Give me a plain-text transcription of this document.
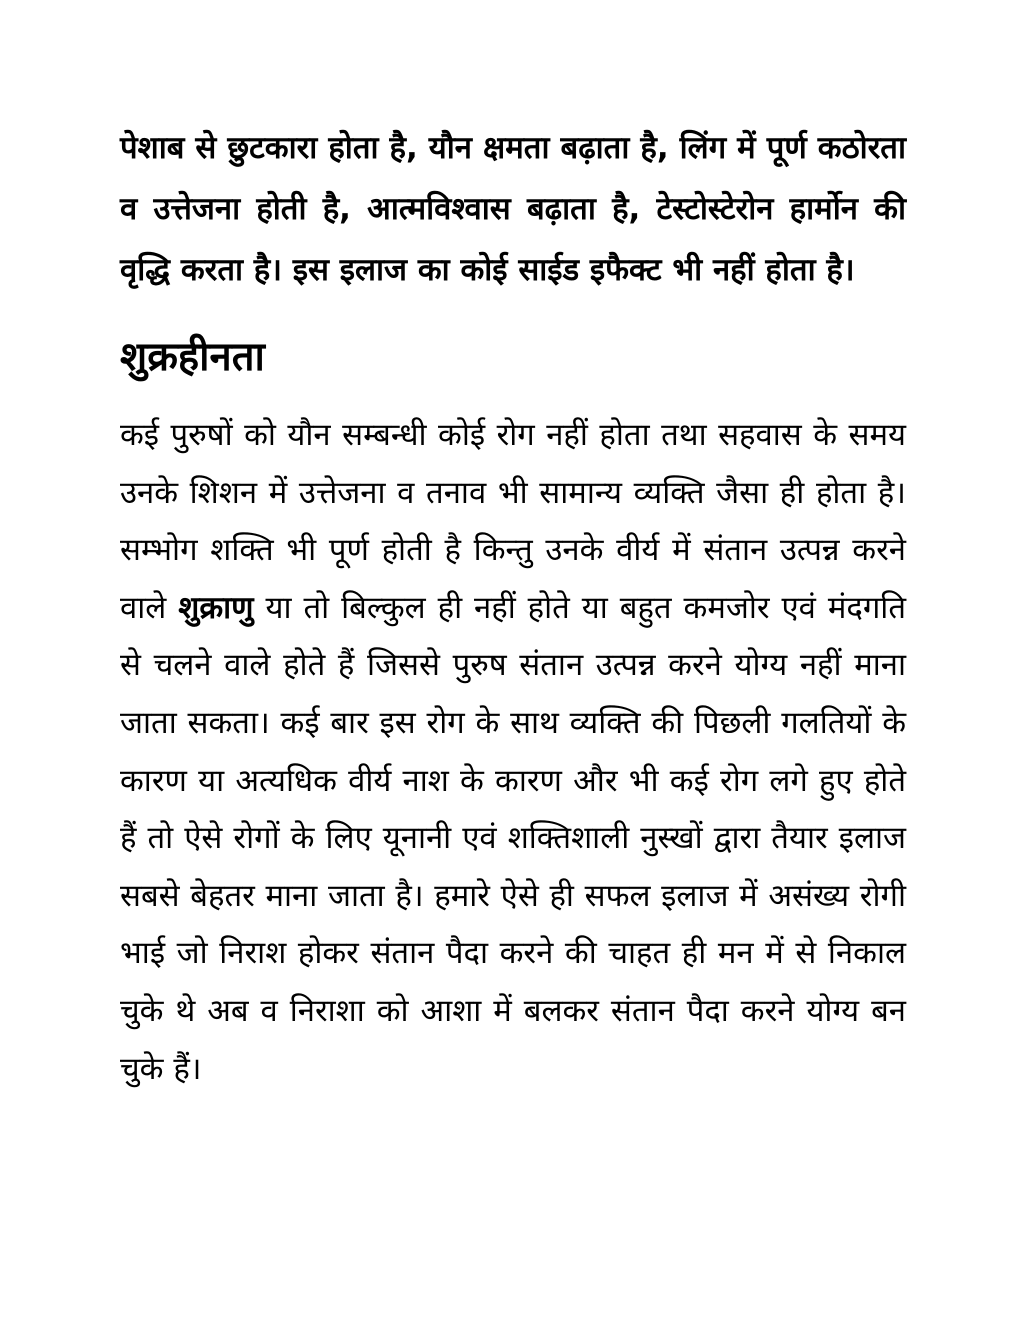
पेशाब से छुटकारा होता है, यौन क्षमता बढ़ाता है, लिंग में पूर्ण कठोरता व उत्तेजना होती है, आत्मविश्वास बढ़ाता है, टेस्टोस्टेरोन हार्मोन की वृद्धि करता है। इस इलाज का कोई साईड इफैक्ट भी नहीं होता है।

शुक्रहीनता

कई पुरुषों को यौन सम्बन्धी कोई रोग नहीं होता तथा सहवास के समय उनके शिशन में उत्तेजना व तनाव भी सामान्य व्यक्ति जैसा ही होता है। सम्भोग शक्ति भी पूर्ण होती है किन्तु उनके वीर्य में संतान उत्पन्न करने वाले शुक्राणु या तो बिल्कुल ही नहीं होते या बहुत कमजोर एवं मंदगति से चलने वाले होते हैं जिससे पुरुष संतान उत्पन्न करने योग्य नहीं माना जाता सकता। कई बार इस रोग के साथ व्यक्ति की पिछली गलतियों के कारण या अत्यधिक वीर्य नाश के कारण और भी कई रोग लगे हुए होते हैं तो ऐसे रोगों के लिए यूनानी एवं शक्तिशाली नुस्खों द्वारा तैयार इलाज सबसे बेहतर माना जाता है। हमारे ऐसे ही सफल इलाज में असंख्य रोगी भाई जो निराश होकर संतान पैदा करने की चाहत ही मन में से निकाल चुके थे अब व निराशा को आशा में बलकर संतान पैदा करने योग्य बन चुके हैं।
